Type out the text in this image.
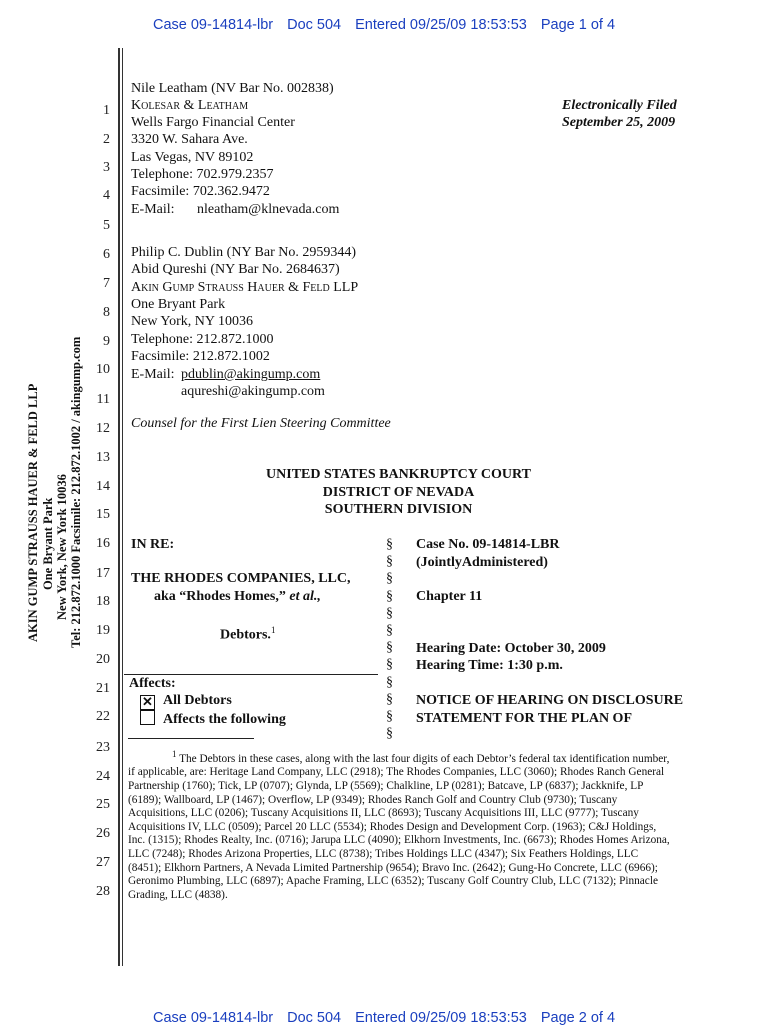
Case 09-14814-lbr Doc 504 Entered 09/25/09 18:53:53 Page 1 of 4
AKIN GUMP STRAUSS HAUER & FELD LLP One Bryant Park New York, New York 10036 Tel: 212.872.1000 Facsimile: 212.872.1002 / akingump.com
1
2
3
4
5
6
7
8
9
10
11
12
13
14
15
16
17
18
19
20
21
22
23
24
25
26
27
28
Nile Leatham (NV Bar No. 002838)
Kolesar & Leatham
Wells Fargo Financial Center
3320 W. Sahara Ave.
Las Vegas, NV 89102
Telephone: 702.979.2357
Facsimile: 702.362.9472
E-Mail: nleatham@klnevada.com
Electronically Filed
September 25, 2009
Philip C. Dublin (NY Bar No. 2959344)
Abid Qureshi (NY Bar No. 2684637)
Akin Gump Strauss Hauer & Feld LLP
One Bryant Park
New York, NY 10036
Telephone: 212.872.1000
Facsimile: 212.872.1002
E-Mail: pdublin@akingump.com
aqureshi@akingump.com
Counsel for the First Lien Steering Committee
UNITED STATES BANKRUPTCY COURT
DISTRICT OF NEVADA
SOUTHERN DIVISION
IN RE:
THE RHODES COMPANIES, LLC,
aka “Rhodes Homes,” et al.,
Debtors.$^1$
Affects:
✕ All Debtors
Affects the following
§
§
§
§
§
§
§
§
§
§
§
§
Case No. 09-14814-LBR
(JointlyAdministered)
Chapter 11
Hearing Date: October 30, 2009
Hearing Time: 1:30 p.m.
NOTICE OF HEARING ON DISCLOSURE
STATEMENT FOR THE PLAN OF
$^1$ The Debtors in these cases, along with the last four digits of each Debtor’s federal tax identification number, if applicable, are: Heritage Land Company, LLC (2918); The Rhodes Companies, LLC (3060); Rhodes Ranch General Partnership (1760); Tick, LP (0707); Glynda, LP (5569); Chalkline, LP (0281); Batcave, LP (6837); Jackknife, LP (6189); Wallboard, LP (1467); Overflow, LP (9349); Rhodes Ranch Golf and Country Club (9730); Tuscany Acquisitions, LLC (0206); Tuscany Acquisitions II, LLC (8693); Tuscany Acquisitions III, LLC (9777); Tuscany Acquisitions IV, LLC (0509); Parcel 20 LLC (5534); Rhodes Design and Development Corp. (1963); C&J Holdings, Inc. (1315); Rhodes Realty, Inc. (0716); Jarupa LLC (4090); Elkhorn Investments, Inc. (6673); Rhodes Homes Arizona, LLC (7248); Rhodes Arizona Properties, LLC (8738); Tribes Holdings LLC (4347); Six Feathers Holdings, LLC (8451); Elkhorn Partners, A Nevada Limited Partnership (9654); Bravo Inc. (2642); Gung-Ho Concrete, LLC (6966); Geronimo Plumbing, LLC (6897); Apache Framing, LLC (6352); Tuscany Golf Country Club, LLC (7132); Pinnacle Grading, LLC (4838).
Case 09-14814-lbr Doc 504 Entered 09/25/09 18:53:53 Page 2 of 4
